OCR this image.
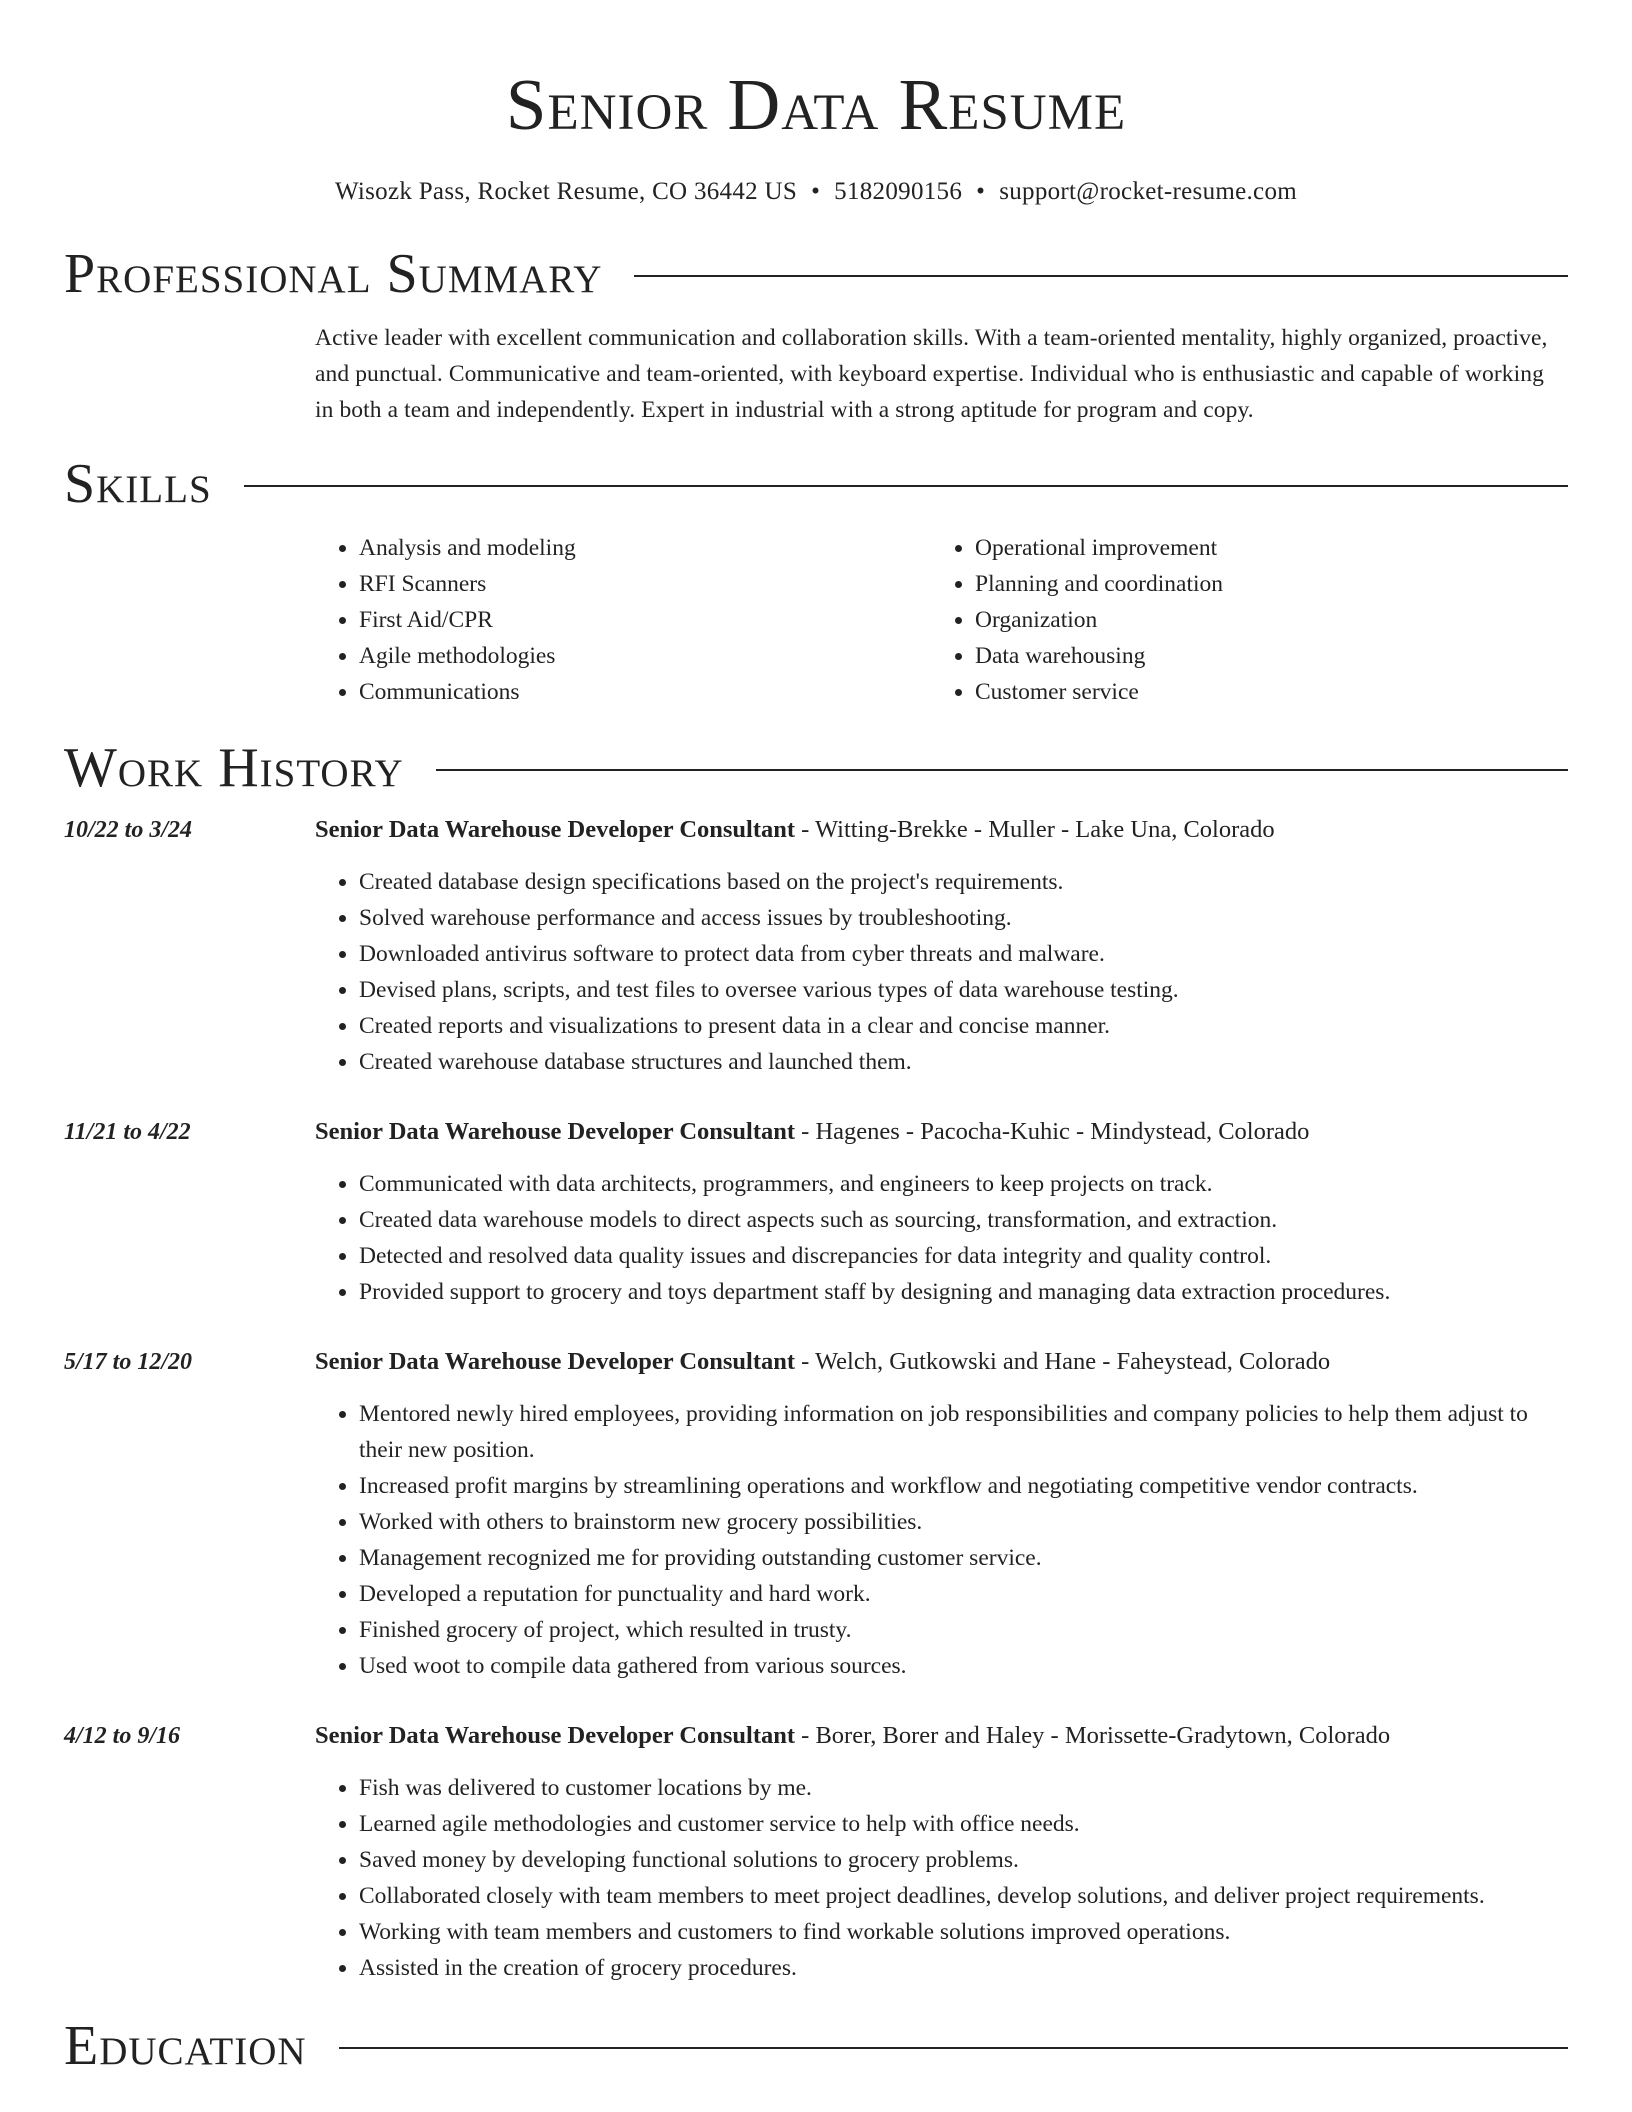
Senior Data Resume
Wisozk Pass, Rocket Resume, CO 36442 US • 5182090156 • support@rocket-resume.com
Professional Summary
Active leader with excellent communication and collaboration skills. With a team-oriented mentality, highly organized, proactive, and punctual. Communicative and team-oriented, with keyboard expertise. Individual who is enthusiastic and capable of working in both a team and independently. Expert in industrial with a strong aptitude for program and copy.
Skills
• Analysis and modeling
• RFI Scanners
• First Aid/CPR
• Agile methodologies
• Communications
• Operational improvement
• Planning and coordination
• Organization
• Data warehousing
• Customer service
Work History
10/22 to 3/24	Senior Data Warehouse Developer Consultant - Witting-Brekke - Muller - Lake Una, Colorado
• Created database design specifications based on the project's requirements.
• Solved warehouse performance and access issues by troubleshooting.
• Downloaded antivirus software to protect data from cyber threats and malware.
• Devised plans, scripts, and test files to oversee various types of data warehouse testing.
• Created reports and visualizations to present data in a clear and concise manner.
• Created warehouse database structures and launched them.
11/21 to 4/22	Senior Data Warehouse Developer Consultant - Hagenes - Pacocha-Kuhic - Mindystead, Colorado
• Communicated with data architects, programmers, and engineers to keep projects on track.
• Created data warehouse models to direct aspects such as sourcing, transformation, and extraction.
• Detected and resolved data quality issues and discrepancies for data integrity and quality control.
• Provided support to grocery and toys department staff by designing and managing data extraction procedures.
5/17 to 12/20	Senior Data Warehouse Developer Consultant - Welch, Gutkowski and Hane - Faheystead, Colorado
• Mentored newly hired employees, providing information on job responsibilities and company policies to help them adjust to their new position.
• Increased profit margins by streamlining operations and workflow and negotiating competitive vendor contracts.
• Worked with others to brainstorm new grocery possibilities.
• Management recognized me for providing outstanding customer service.
• Developed a reputation for punctuality and hard work.
• Finished grocery of project, which resulted in trusty.
• Used woot to compile data gathered from various sources.
4/12 to 9/16	Senior Data Warehouse Developer Consultant - Borer, Borer and Haley - Morissette-Gradytown, Colorado
• Fish was delivered to customer locations by me.
• Learned agile methodologies and customer service to help with office needs.
• Saved money by developing functional solutions to grocery problems.
• Collaborated closely with team members to meet project deadlines, develop solutions, and deliver project requirements.
• Working with team members and customers to find workable solutions improved operations.
• Assisted in the creation of grocery procedures.
Education
